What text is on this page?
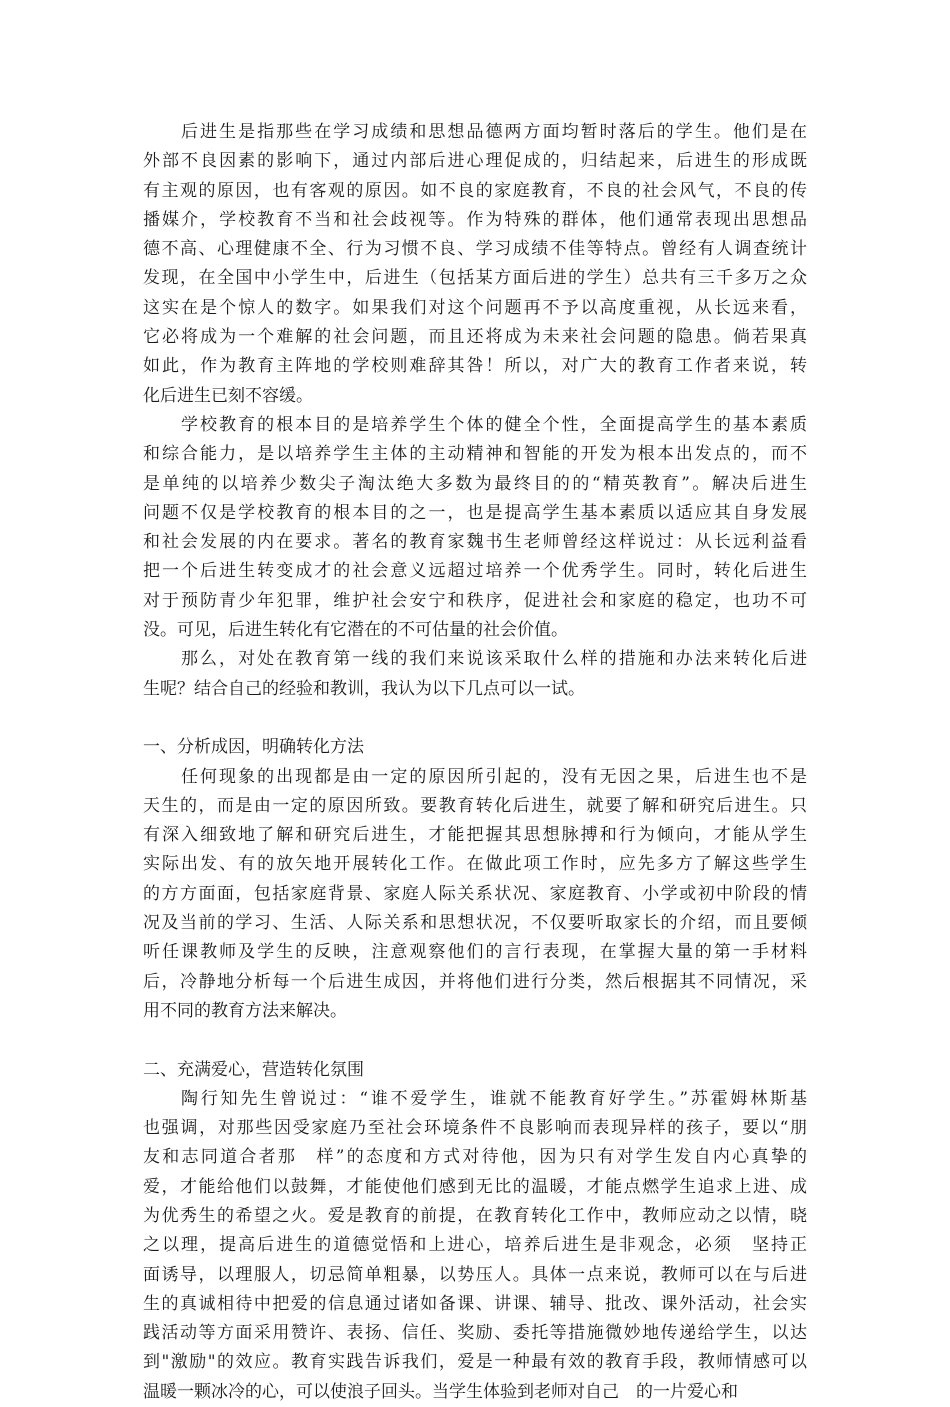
后进生是指那些在学习成绩和思想品德两方面均暂时落后的学生。他们是在
外部不良因素的影响下，通过内部后进心理促成的，归结起来，后进生的形成既
有主观的原因，也有客观的原因。如不良的家庭教育，不良的社会风气，不良的传
播媒介，学校教育不当和社会歧视等。作为特殊的群体，他们通常表现出思想品
德不高、心理健康不全、行为习惯不良、学习成绩不佳等特点。曾经有人调查统计
发现，在全国中小学生中，后进生（包括某方面后进的学生）总共有三千多万之众
这实在是个惊人的数字。如果我们对这个问题再不予以高度重视，从长远来看，
它必将成为一个难解的社会问题，而且还将成为未来社会问题的隐患。倘若果真
如此，作为教育主阵地的学校则难辞其咎！所以，对广大的教育工作者来说，转
化后进生已刻不容缓。
学校教育的根本目的是培养学生个体的健全个性，全面提高学生的基本素质
和综合能力，是以培养学生主体的主动精神和智能的开发为根本出发点的，而不
是单纯的以培养少数尖子淘汰绝大多数为最终目的的“精英教育”。解决后进生
问题不仅是学校教育的根本目的之一，也是提高学生基本素质以适应其自身发展
和社会发展的内在要求。著名的教育家魏书生老师曾经这样说过：从长远利益看
把一个后进生转变成才的社会意义远超过培养一个优秀学生。同时，转化后进生
对于预防青少年犯罪，维护社会安宁和秩序，促进社会和家庭的稳定，也功不可
没。可见，后进生转化有它潜在的不可估量的社会价值。
那么，对处在教育第一线的我们来说该采取什么样的措施和办法来转化后进
生呢？结合自己的经验和教训，我认为以下几点可以一试。
一、分析成因，明确转化方法
任何现象的出现都是由一定的原因所引起的，没有无因之果，后进生也不是
天生的，而是由一定的原因所致。要教育转化后进生，就要了解和研究后进生。只
有深入细致地了解和研究后进生，才能把握其思想脉搏和行为倾向，才能从学生
实际出发、有的放矢地开展转化工作。在做此项工作时，应先多方了解这些学生
的方方面面，包括家庭背景、家庭人际关系状况、家庭教育、小学或初中阶段的情
况及当前的学习、生活、人际关系和思想状况，不仅要听取家长的介绍，而且要倾
听任课教师及学生的反映，注意观察他们的言行表现，在掌握大量的第一手材料
后，冷静地分析每一个后进生成因，并将他们进行分类，然后根据其不同情况，采
用不同的教育方法来解决。
二、充满爱心，营造转化氛围
陶行知先生曾说过：“谁不爱学生，谁就不能教育好学生。”苏霍姆林斯基
也强调，对那些因受家庭乃至社会环境条件不良影响而表现异样的孩子，要以“朋
友和志同道合者那　样”的态度和方式对待他，因为只有对学生发自内心真挚的
爱，才能给他们以鼓舞，才能使他们感到无比的温暖，才能点燃学生追求上进、成
为优秀生的希望之火。爱是教育的前提，在教育转化工作中，教师应动之以情，晓
之以理，提高后进生的道德觉悟和上进心，培养后进生是非观念，必须　坚持正
面诱导，以理服人，切忌简单粗暴，以势压人。具体一点来说，教师可以在与后进
生的真诚相待中把爱的信息通过诸如备课、讲课、辅导、批改、课外活动，社会实
践活动等方面采用赞许、表扬、信任、奖励、委托等措施微妙地传递给学生，以达
到"激励"的效应。教育实践告诉我们，爱是一种最有效的教育手段，教师情感可以
温暖一颗冰冷的心，可以使浪子回头。当学生体验到老师对自己　的一片爱心和
